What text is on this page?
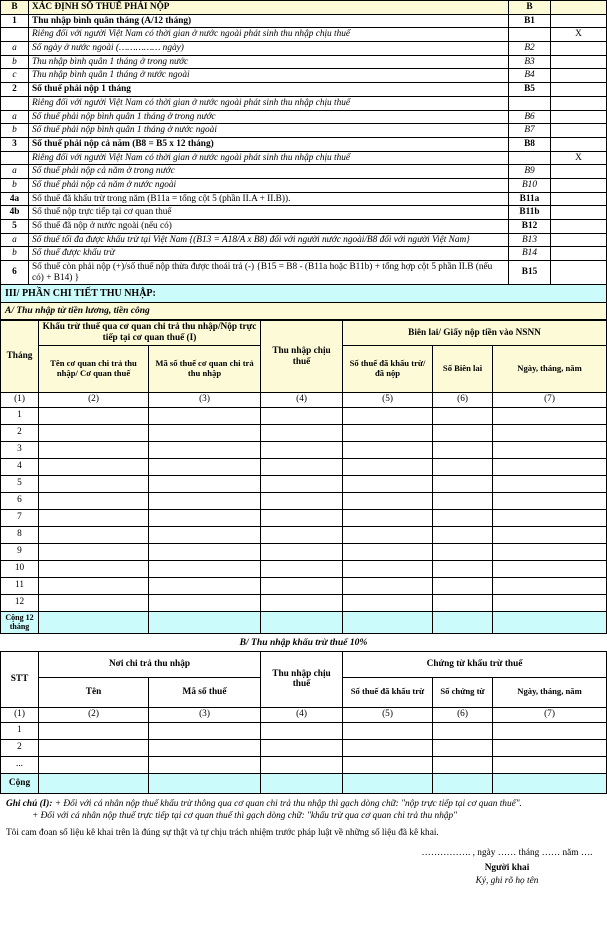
B	XÁC ĐỊNH SỐ THUẾ PHẢI NỘP	B	
1	Thu nhập bình quân tháng (A/12 tháng)	B1	
	Riêng đối với người Việt Nam có thời gian ở nước ngoài phát sinh thu nhập chịu thuế		X
a	Số ngày ở nước ngoài (…………… ngày)	B2	
b	Thu nhập bình quân 1 tháng ở trong nước	B3	
c	Thu nhập bình quân 1 tháng ở nước ngoài	B4	
2	Số thuế phải nộp 1 tháng	B5	
	Riêng đối với người Việt Nam có thời gian ở nước ngoài phát sinh thu nhập chịu thuế		
a	Số thuế phải nộp bình quân 1 tháng ở trong nước	B6	
b	Số thuế phải nộp bình quân 1 tháng ở nước ngoài	B7	
3	Số thuế phải nộp cả năm (B8 = B5 x 12 tháng)	B8	
	Riêng đối với người Việt Nam có thời gian ở nước ngoài phát sinh thu nhập chịu thuế		X
a	Số thuế phải nộp cả năm ở trong nước	B9	
b	Số thuế phải nộp cả năm ở nước ngoài	B10	
4a	Số thuế đã khấu trừ trong năm (B11a = tổng cột 5 (phần II.A + II.B)).	B11a	
4b	Số thuế nộp trực tiếp tại cơ quan thuế	B11b	
5	Số thuế đã nộp ở nước ngoài (nếu có)	B12	
a	Số thuế tối đa được khấu trừ tại Việt Nam {(B13 = A18/A x B8) đối với người nước ngoài/B8 đối với người Việt Nam}	B13	
b	Số thuế được khấu trừ	B14	
6	Số thuế còn phải nộp (+)/số thuế nộp thừa được thoái trả (-) {B15 = B8 - (B11a hoặc B11b) + tổng hợp cột 5 phần II.B (nếu có) + B14) }	B15	
III/ PHẦN CHI TIẾT THU NHẬP:
A/ Thu nhập từ tiền lương, tiền công
Tháng	Khấu trừ thuế qua cơ quan chi trả thu nhập/Nộp trực tiếp tại cơ quan thuế (I)		Thu nhập chịu thuế	Biên lai/ Giấy nộp tiền vào NSNN		
	Tên cơ quan chi trả thu nhập/ Cơ quan thuế	Mã số thuế cơ quan chi trả thu nhập		Số thuế đã khấu trừ/đã nộp	Số Biên lai	Ngày, tháng, năm

(1)	(2)	(3)	(4)	(5)	(6)	(7)
1						
2						
3						
4						
5						
6						
7						
8						
9						
10						
11						
12						
Cộng 12 tháng						
B/ Thu nhập khấu trừ thuế 10%
STT	Nơi chi trả thu nhập		Thu nhập chịu thuế	Chứng từ khấu trừ thuế		
	Tên	Mã số thuế		Số thuế đã khấu trừ	Số chứng từ	Ngày, tháng, năm
(1)	(2)	(3)	(4)	(5)	(6)	(7)
1						
2						
...						
Cộng						
Ghi chú (I): + Đối với cá nhân nộp thuế khấu trừ thông qua cơ quan chi trả thu nhập thì gạch dòng chữ: "nộp trực tiếp tại cơ quan thuế".
+ Đối với cá nhân nộp thuế trực tiếp tại cơ quan thuế thì gạch dòng chữ: "khấu trừ qua cơ quan chi trả thu nhập"
Tôi cam đoan số liệu kê khai trên là đúng sự thật và tự chịu trách nhiệm trước pháp luật về những số liệu đã kê khai.
……………. , ngày …… tháng …… năm ….
Người khai
Ký, ghi rõ họ tên
